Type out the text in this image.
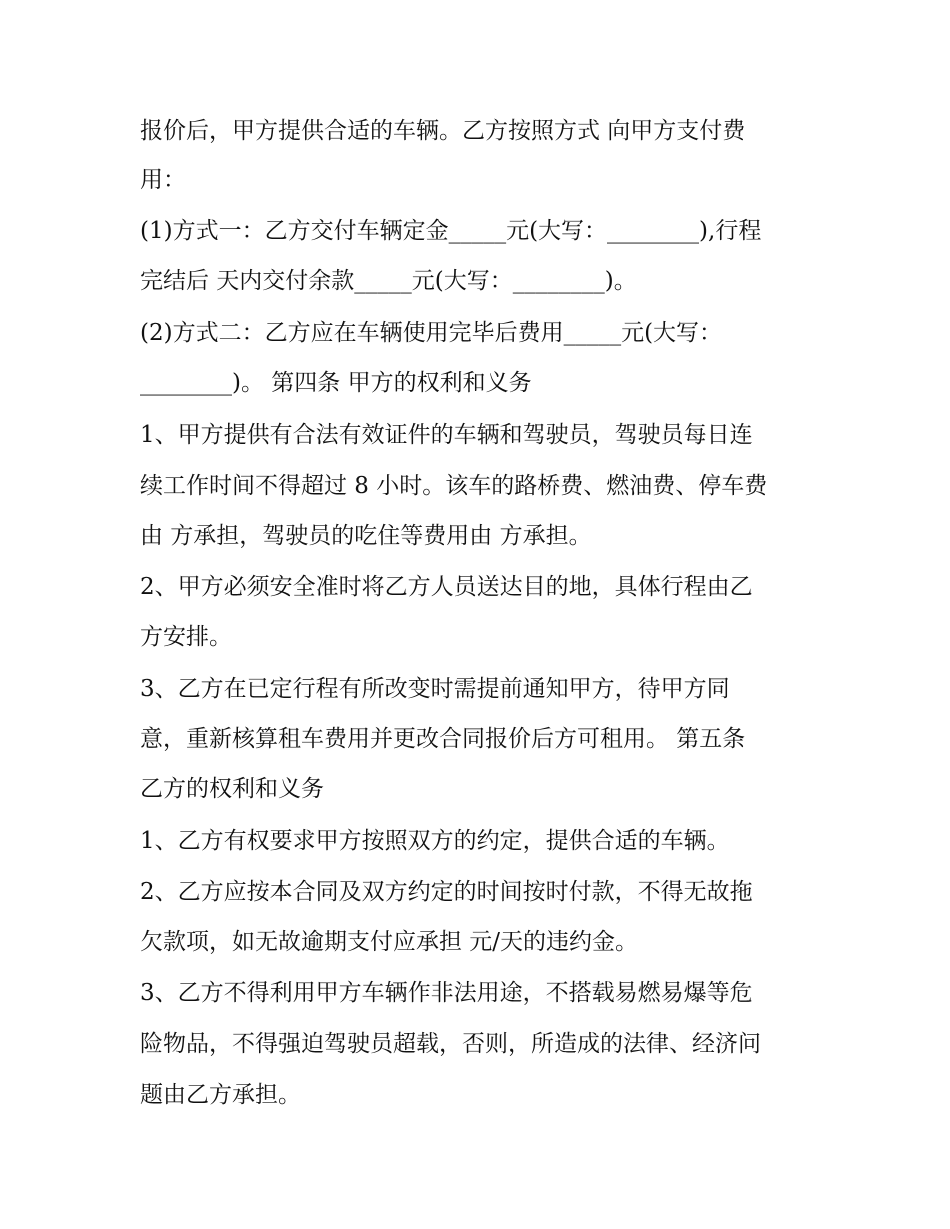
报价后，甲方提供合适的车辆。乙方按照方式 向甲方支付费
用：
(1)方式一：乙方交付车辆定金_____元(大写：________),行程
完结后 天内交付余款_____元(大写：________)。
(2)方式二：乙方应在车辆使用完毕后费用_____元(大写：
________)。 第四条 甲方的权利和义务
1、甲方提供有合法有效证件的车辆和驾驶员，驾驶员每日连
续工作时间不得超过 8 小时。该车的路桥费、燃油费、停车费
由 方承担，驾驶员的吃住等费用由 方承担。
2、甲方必须安全准时将乙方人员送达目的地，具体行程由乙
方安排。
3、乙方在已定行程有所改变时需提前通知甲方，待甲方同
意，重新核算租车费用并更改合同报价后方可租用。 第五条
乙方的权利和义务
1、乙方有权要求甲方按照双方的约定，提供合适的车辆。
2、乙方应按本合同及双方约定的时间按时付款，不得无故拖
欠款项，如无故逾期支付应承担 元/天的违约金。
3、乙方不得利用甲方车辆作非法用途，不搭载易燃易爆等危
险物品，不得强迫驾驶员超载，否则，所造成的法律、经济问
题由乙方承担。
